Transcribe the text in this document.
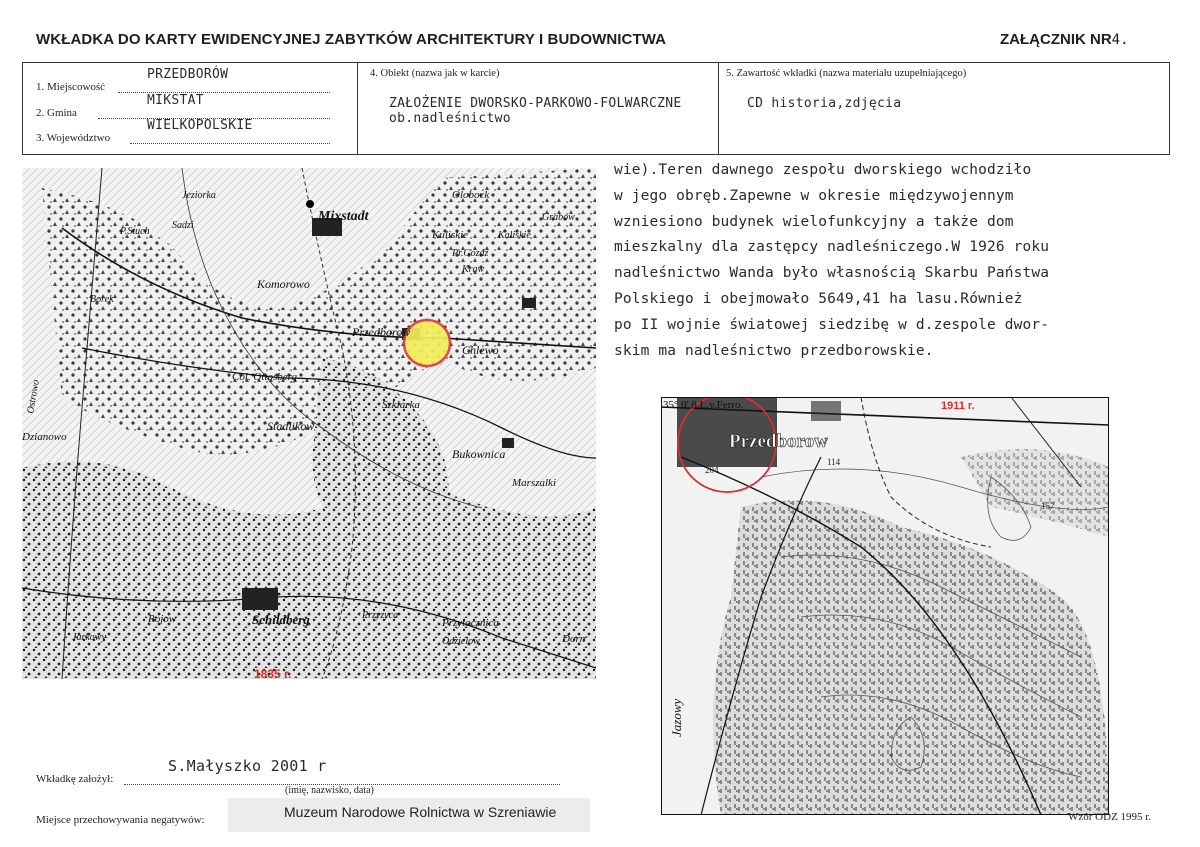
WKŁADKA DO KARTY EWIDENCYJNEJ ZABYTKÓW ARCHITEKTURY I BUDOWNICTWA	ZAŁĄCZNIK NR4.
1. Miejscowość
PRZEDBORÓW
2. Gmina
MIKSTAT
3. Województwo
WIELKOPOLSKIE
4. Obiekt (nazwa jak w karcie)
ZAŁOŻENIE DWORSKO-PARKOWO-FOLWARCZNE
ob.nadleśnictwo
5. Zawartość wkładki (nazwa materiału uzupełniającego)
CD historia,zdjęcia
Mixstadt
Komorowo
Chlewo
Przedborow
Szklarka
Col. Ottosberg
Stadlikow
Bukownica
Marszalki
Schildberg
Ostrowo
Kuliskie
Jeziorka
Sadzi
Rojow	Przyzyca
Przytocznica
Dorn
Odzielow
Kaliskie
Grabow
Dzianowo
Kraw
Jarkowy
Olobock
Borek
P.Stuch
Pr.Gozdz
1835 r.
wie).Teren dawnego zespołu dworskiego wchodziło
w jego obręb.Zapewne w okresie międzywojennym
wzniesiono budynek wielofunkcyjny a także dom
mieszkalny dla zastępcy nadleśniczego.W 1926 roku
nadleśnictwo Wanda było własnością Skarbu Państwa
Polskiego i obejmowało 5649,41 ha lasu.Również
po II wojnie światowej siedzibę w d.zespole dwor-
skim ma nadleśnictwo przedborowskie.
35° 0' 8.L.v.Ferro.
Przedborow
1911 r.
Jazowy
114
204
157
S.Małyszko 2001 r
Wkładkę założył:
(imię, nazwisko, data)
Miejsce przechowywania negatywów:	Muzeum Narodowe Rolnictwa w Szreniawie	Wzór ODZ 1995 r.
